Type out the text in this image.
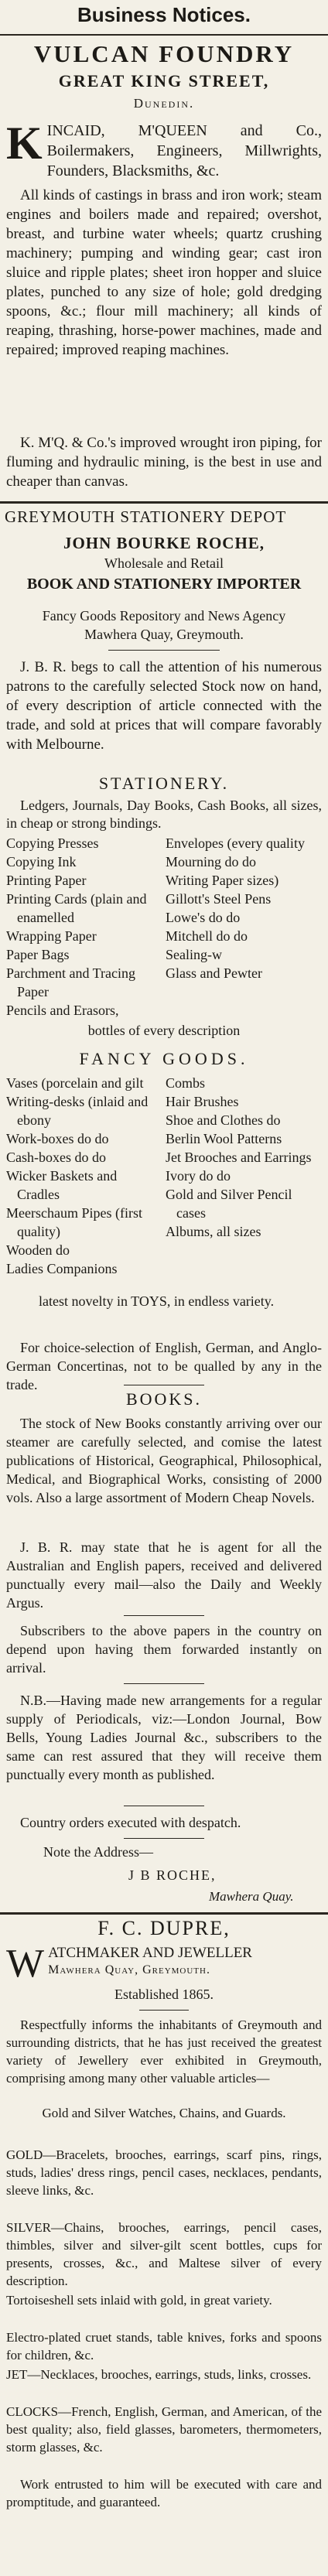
Business Notices.
VULCAN FOUNDRY
GREAT KING STREET,
Dunedin.
K INCAID, M'QUEEN and Co., Boilermakers, Engineers, Millwrights, Founders, Blacksmiths, &c.

All kinds of castings in brass and iron work; steam engines and boilers made and repaired; overshot, breast, and turbine water wheels; quartz crushing machinery; pumping and winding gear; cast iron sluice and ripple plates; sheet iron hopper and sluice plates, punched to any size of hole; gold dredging spoons, &c.; flour mill machinery; all kinds of reaping, thrashing, horse-power machines, made and repaired; improved reaping machines.

K. M'Q. & Co.'s improved wrought iron piping, for fluming and hydraulic mining, is the best in use and cheaper than canvas.

GREYMOUTH STATIONERY DEPOT
JOHN BOURKE ROCHE,
Wholesale and Retail
BOOK AND STATIONERY IMPORTER
Fancy Goods Repository and News Agency
Mawhera Quay, Greymouth.

J. B. R. begs to call the attention of his numerous patrons to the carefully selected Stock now on hand, of every description of article connected with the trade, and sold at prices that will compare favorably with Melbourne.

STATIONERY.

Ledgers, Journals, Day Books, Cash Books, all sizes, in cheap or strong bindings.

Copying Presses

Copying Ink

Printing Paper

Printing Cards (plain and enamelled

Wrapping Paper

Paper Bags

Parchment and Tracing Paper

Pencils and Erasors,

Envelopes (every quality

Mourning do do

Writing Paper sizes)

Gillott's Steel Pens

Lowe's do do

Mitchell do do

Sealing-w

Glass and Pewter

bottles of every description
FANCY GOODS.

Vases (porcelain and gilt

Writing-desks (inlaid and ebony

Work-boxes do do

Cash-boxes do do

Wicker Baskets and Cradles

Meerschaum Pipes (first quality)

Wooden do

Ladies Companions

Combs

Hair Brushes

Shoe and Clothes do

Berlin Wool Patterns

Jet Brooches and Earrings

Ivory do do

Gold and Silver Pencil cases

Albums, all sizes

latest novelty in TOYS, in endless variety.

For choice-selection of English, German, and Anglo-German Concertinas, not to be qualled by any in the trade.

BOOKS.

The stock of New Books constantly arriving over our steamer are carefully selected, and comise the latest publications of Historical, Geographical, Philosophical, Medical, and Biographical Works, consisting of 2000 vols. Also a large assortment of Modern Cheap Novels.

J. B. R. may state that he is agent for all the Australian and English papers, received and delivered punctually every mail—also the Daily and Weekly Argus.

Subscribers to the above papers in the country on depend upon having them forwarded instantly on arrival.

N.B.—Having made new arrangements for a regular supply of Periodicals, viz:—London Journal, Bow Bells, Young Ladies Journal &c., subscribers to the same can rest assured that they will receive them punctually every month as published.

Country orders executed with despatch.

Note the Address—
J B ROCHE,
Mawhera Quay.
F. C. DUPRE,
W ATCHMAKER AND JEWELLER
Mawhera Quay, Greymouth.
Established 1865.

Respectfully informs the inhabitants of Greymouth and surrounding districts, that he has just received the greatest variety of Jewellery ever exhibited in Greymouth, comprising among many other valuable articles—

Gold and Silver Watches, Chains, and Guards.

GOLD—Bracelets, brooches, earrings, scarf pins, rings, studs, ladies' dress rings, pencil cases, necklaces, pendants, sleeve links, &c.

SILVER—Chains, brooches, earrings, pencil cases, thimbles, silver and silver-gilt scent bottles, cups for presents, crosses, &c., and Maltese silver of every description.

Tortoiseshell sets inlaid with gold, in great variety.

Electro-plated cruet stands, table knives, forks and spoons for children, &c.

JET—Necklaces, brooches, earrings, studs, links, crosses.

CLOCKS—French, English, German, and American, of the best quality; also, field glasses, barometers, thermometers, storm glasses, &c.

Work entrusted to him will be executed with care and promptitude, and guaranteed.
